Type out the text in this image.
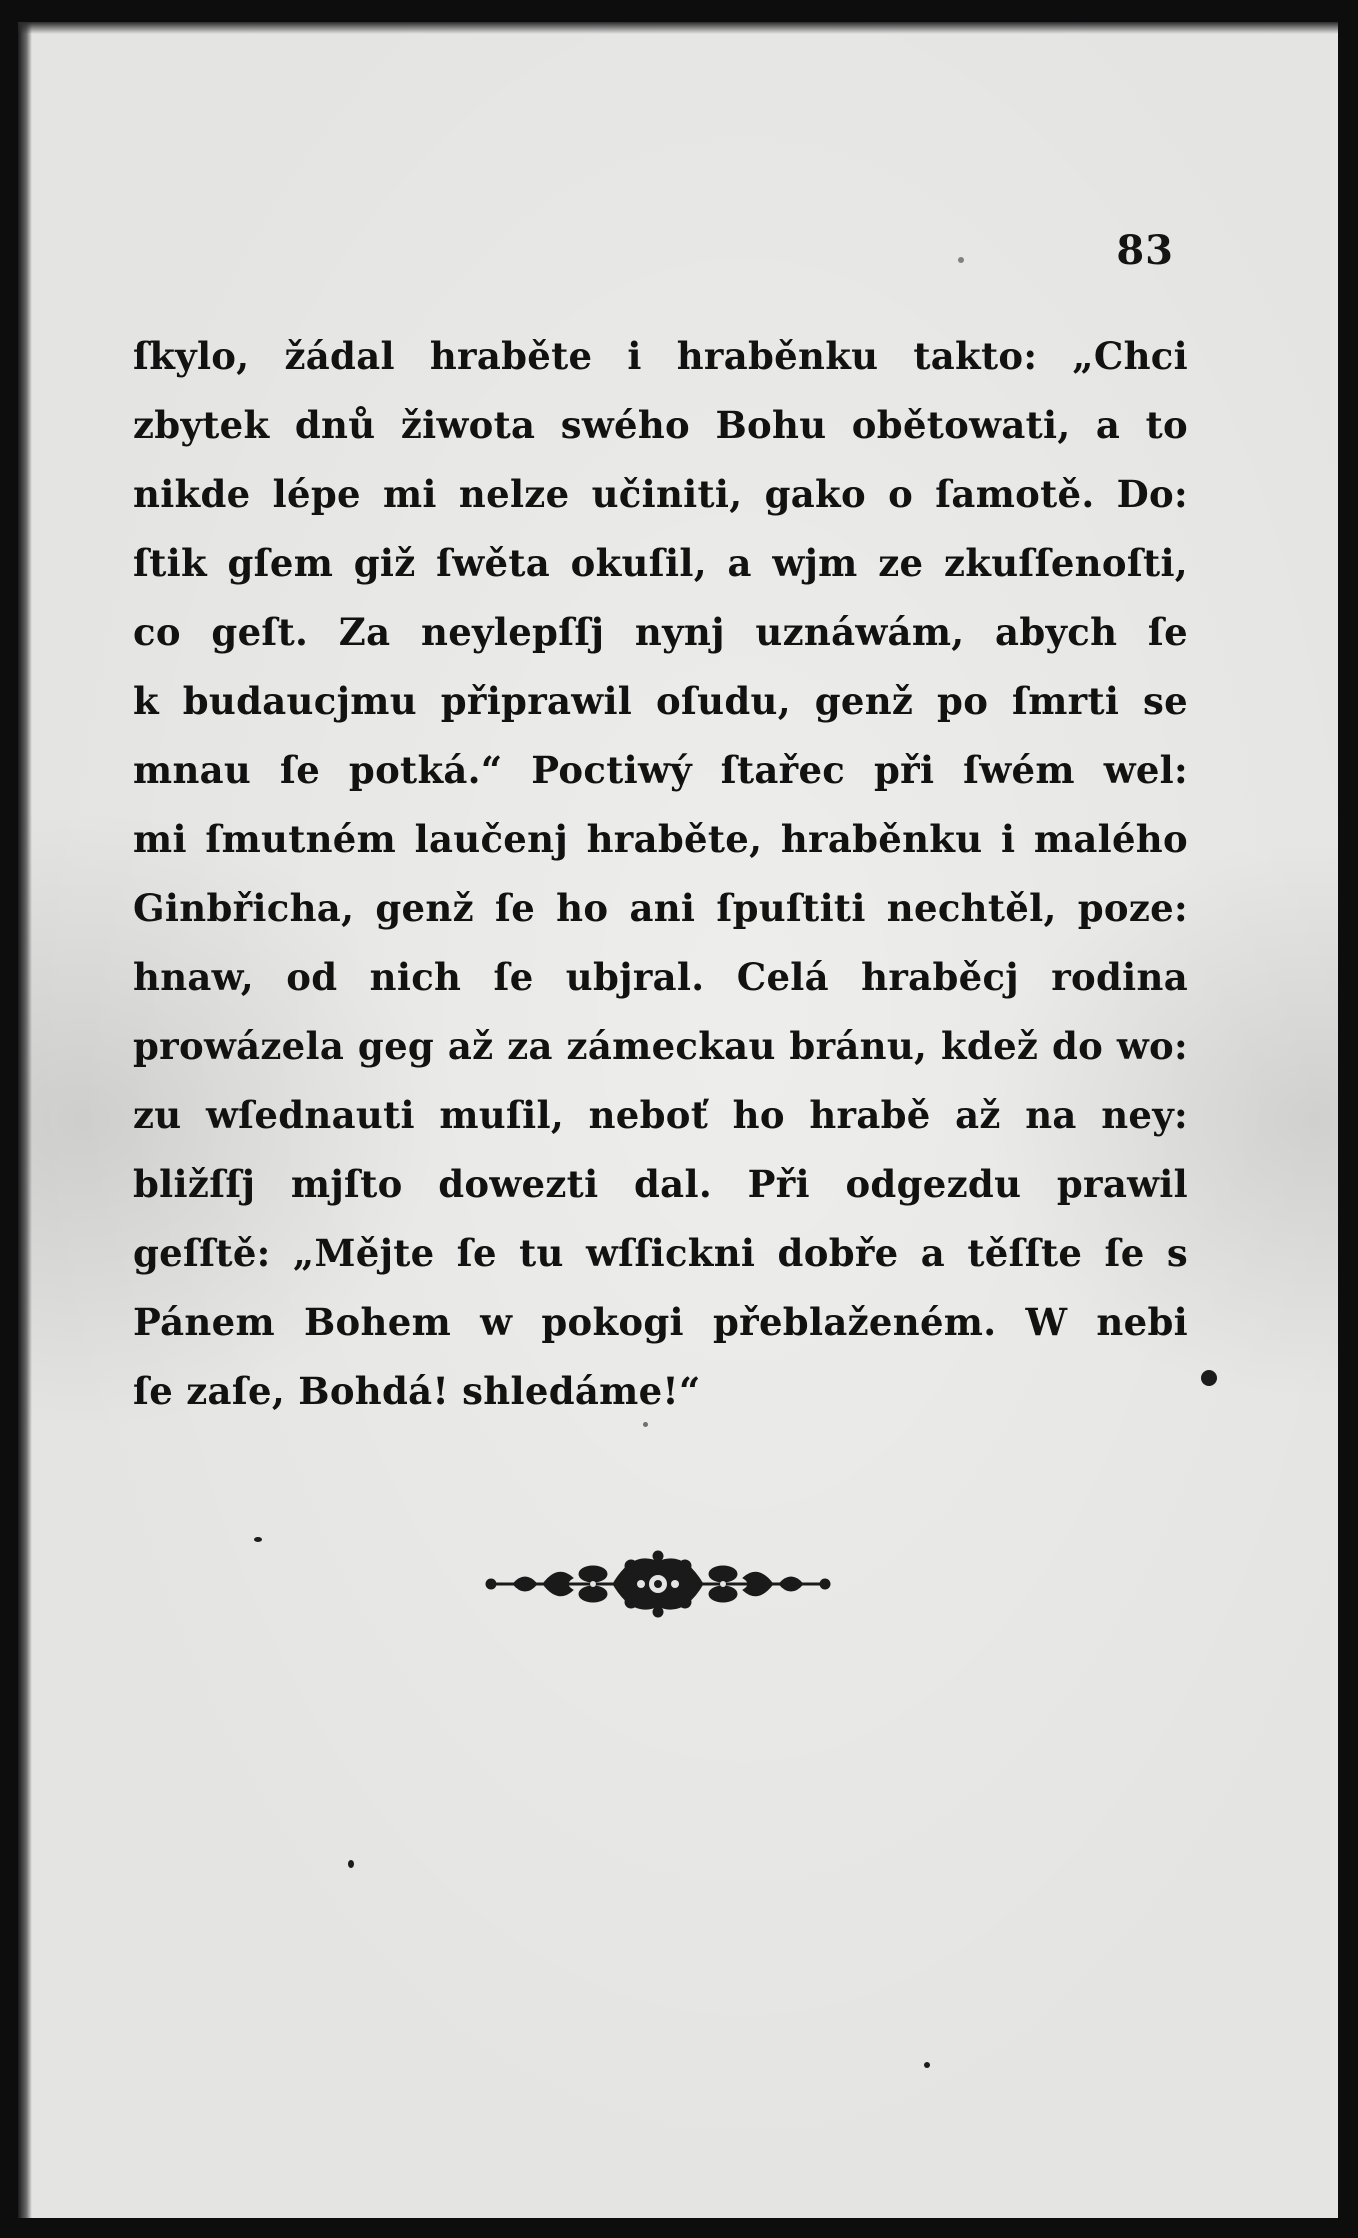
83
ſkylo, žádal hraběte i hraběnku takto: „Chci
zbytek dnů žiwota swého Bohu obětowati, a to
nikde lépe mi nelze učiniti, gako o ſamotě. Do:
ſtik gſem giž ſwěta okuſil, a wjm ze zkuſſenoſti,
co geſt. Za neylepſſj nynj uznáwám, abych ſe
k budaucjmu připrawil oſudu, genž po ſmrti se
mnau ſe potká.“ Poctiwý ſtařec při ſwém wel:
mi ſmutném laučenj hraběte, hraběnku i malého
Ginbřicha, genž ſe ho ani ſpuſtiti nechtěl, poze:
hnaw, od nich ſe ubjral. Celá hraběcj rodina
prowázela geg až za zámeckau bránu, kdež do wo:
zu wſednauti muſil, neboť ho hrabě až na ney:
bližſſj mjſto dowezti dal. Při odgezdu prawil
geſſtě: „Mějte ſe tu wſſickni dobře a těſſte ſe s
Pánem Bohem w pokogi přeblaženém. W nebi
ſe zaſe, Bohdá! shledáme!“
